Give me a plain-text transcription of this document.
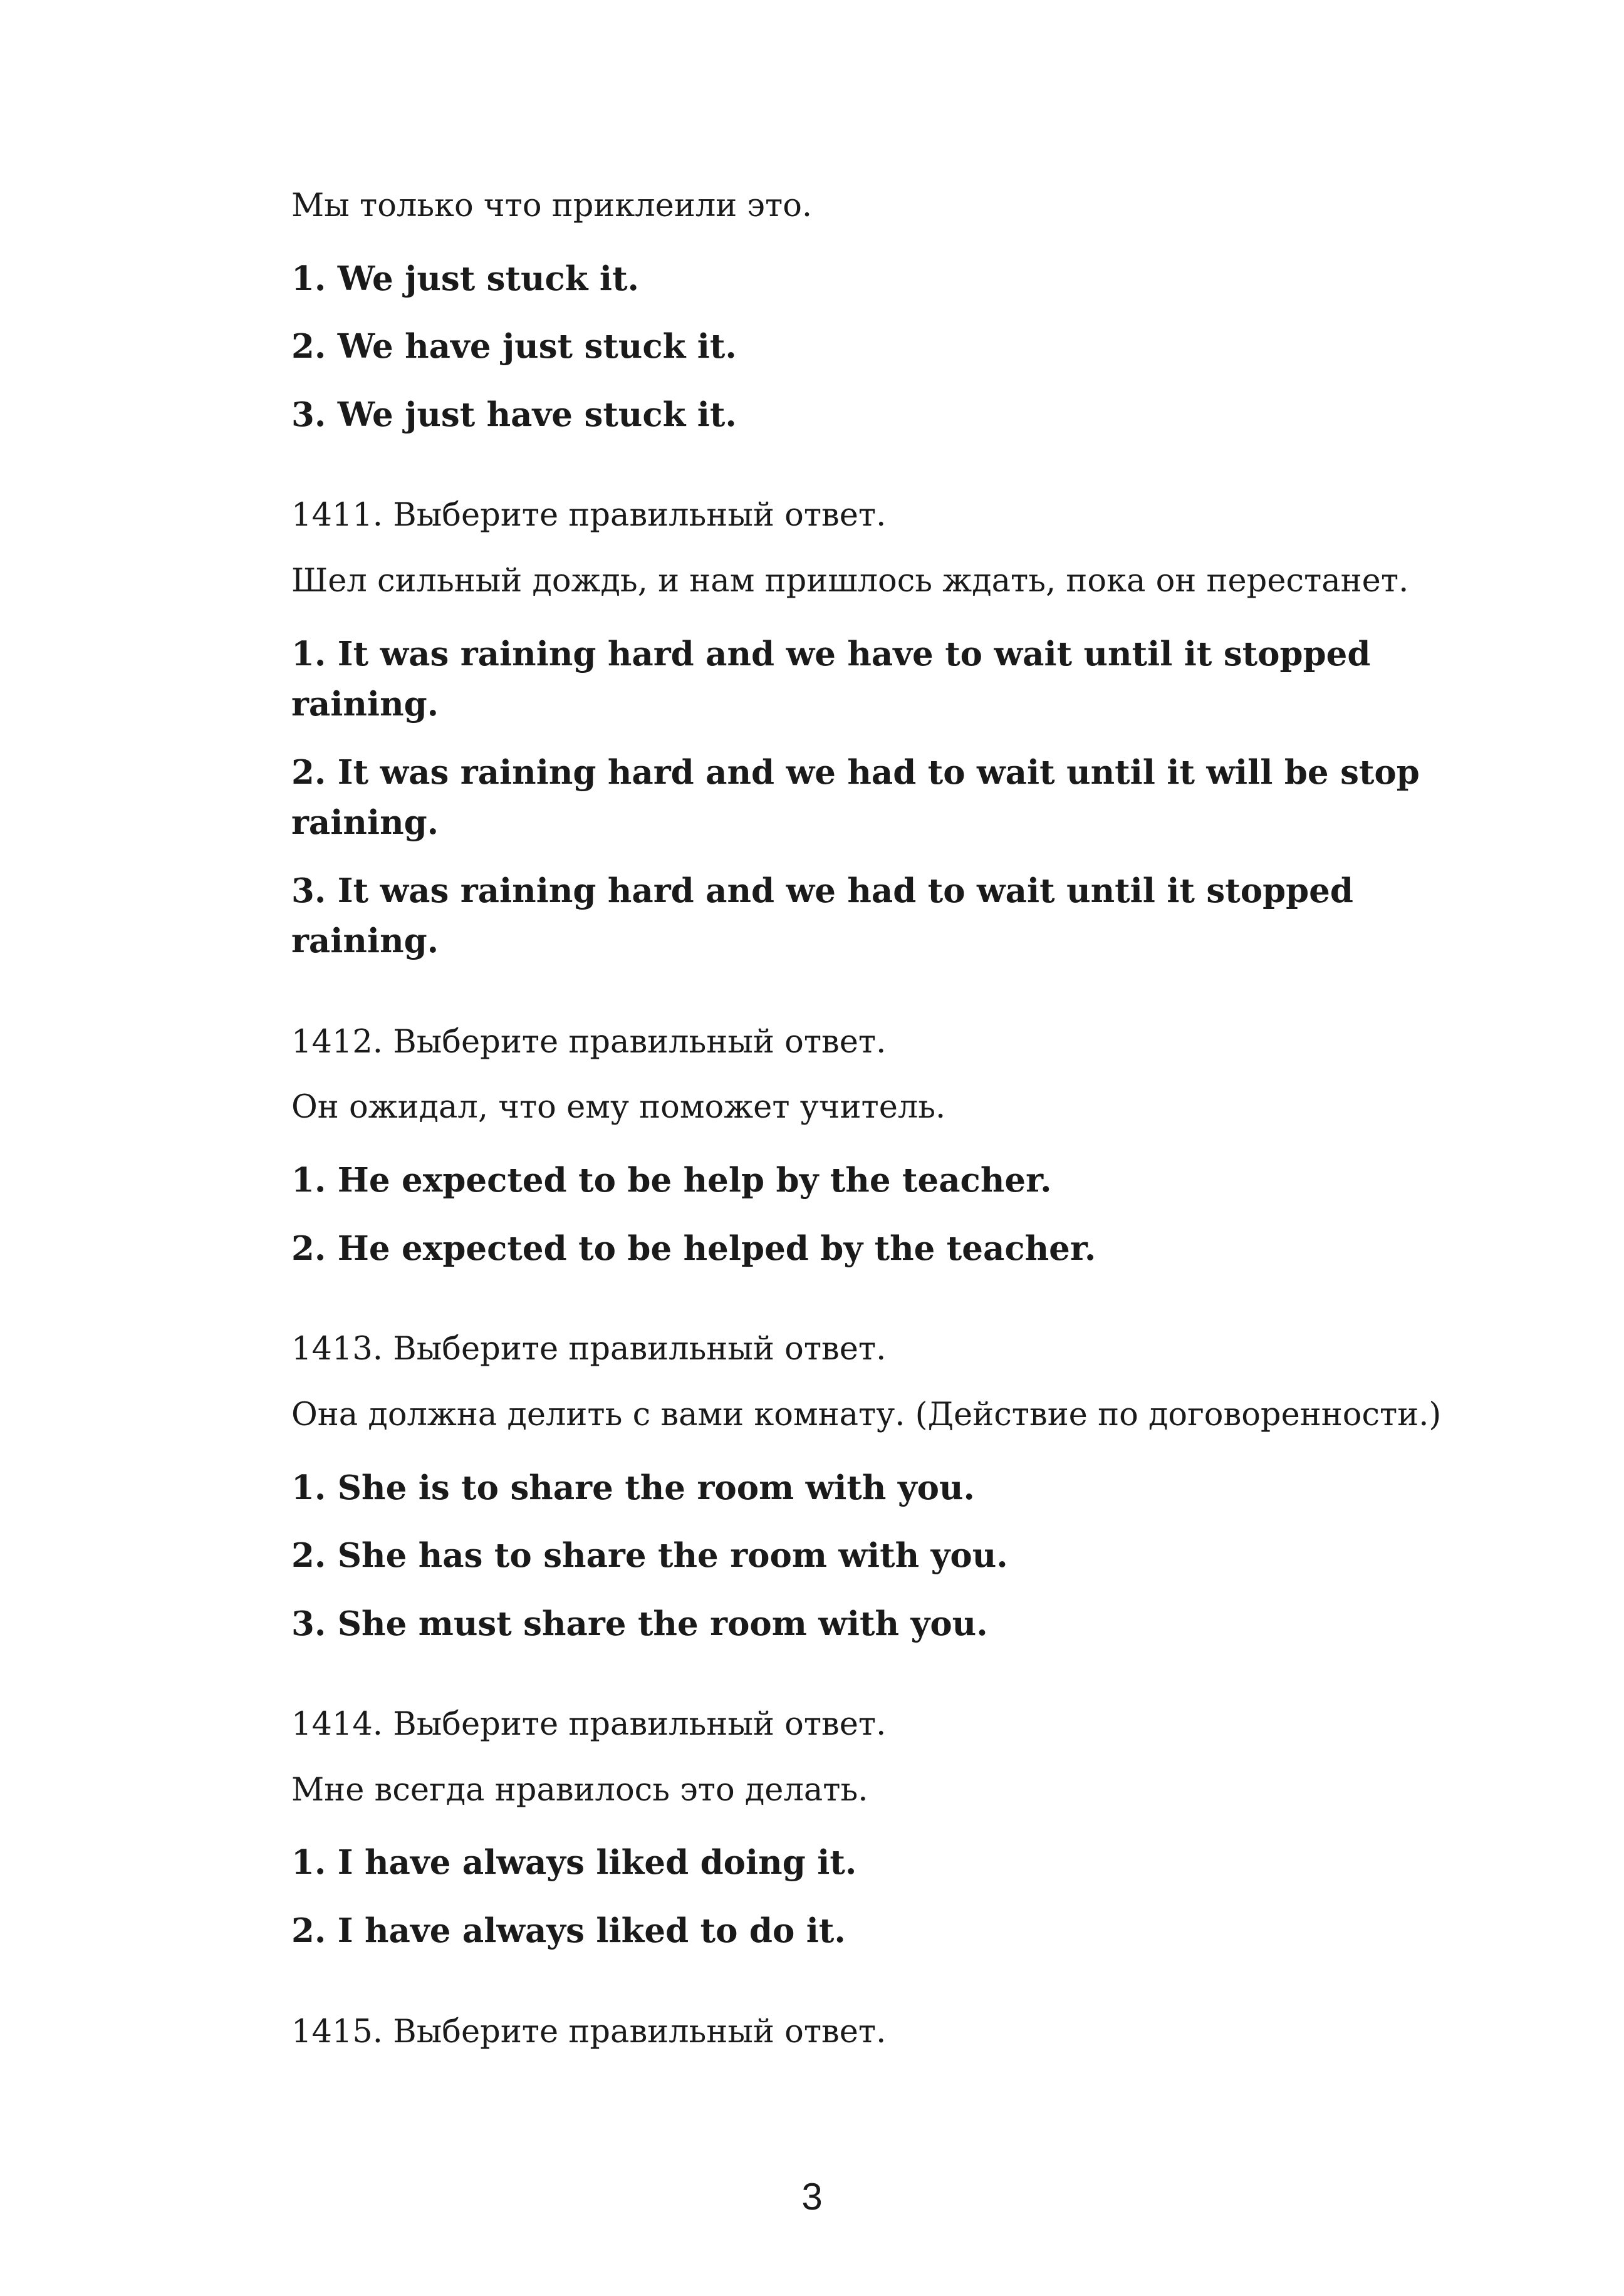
Мы только что приклеили это.

1. We just stuck it.

2. We have just stuck it.

3. We just have stuck it.

1411. Выберите правильный ответ.

Шел сильный дождь, и нам пришлось ждать, пока он перестанет.

1. It was raining hard and we have to wait until it stopped raining.

2. It was raining hard and we had to wait until it will be stop raining.

3. It was raining hard and we had to wait until it stopped raining.

1412. Выберите правильный ответ.

Он ожидал, что ему поможет учитель.

1. He expected to be help by the teacher.

2. He expected to be helped by the teacher.

1413. Выберите правильный ответ.

Она должна делить с вами комнату. (Действие по договоренности.)

1. She is to share the room with you.

2. She has to share the room with you.

3. She must share the room with you.

1414. Выберите правильный ответ.

Мне всегда нравилось это делать.

1. I have always liked doing it.

2. I have always liked to do it.

1415. Выберите правильный ответ.

3
